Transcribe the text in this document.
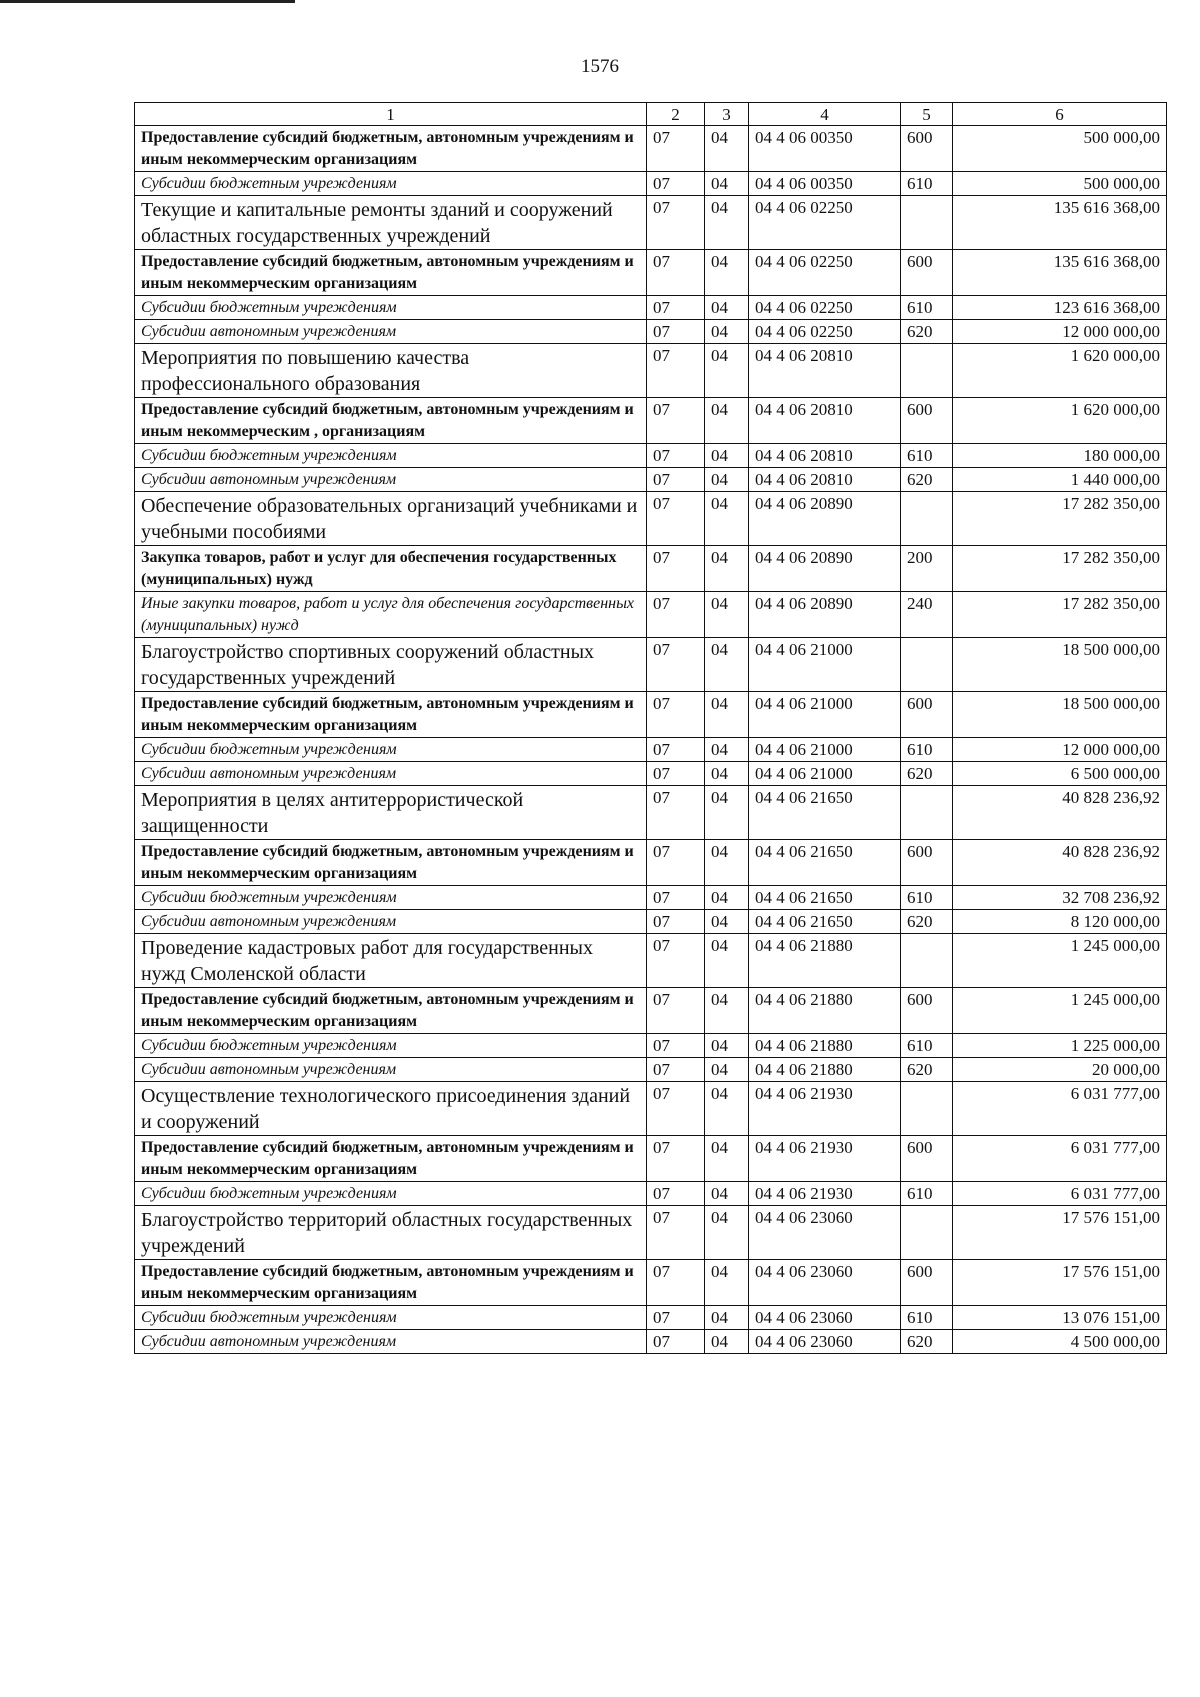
1576
1	2	3	4	5	6
Предоставление субсидий бюджетным, автономным учреждениям и иным некоммерческим организациям	07	04	04 4 06 00350	600	500 000,00
Субсидии бюджетным учреждениям	07	04	04 4 06 00350	610	500 000,00
Текущие и капитальные ремонты зданий и сооружений областных государственных учреждений	07	04	04 4 06 02250		135 616 368,00
Предоставление субсидий бюджетным, автономным учреждениям и иным некоммерческим организациям	07	04	04 4 06 02250	600	135 616 368,00
Субсидии бюджетным учреждениям	07	04	04 4 06 02250	610	123 616 368,00
Субсидии автономным учреждениям	07	04	04 4 06 02250	620	12 000 000,00
Мероприятия по повышению качества профессионального образования	07	04	04 4 06 20810		1 620 000,00
Предоставление субсидий бюджетным, автономным учреждениям и иным некоммерческим , организациям	07	04	04 4 06 20810	600	1 620 000,00
Субсидии бюджетным учреждениям	07	04	04 4 06 20810	610	180 000,00
Субсидии автономным учреждениям	07	04	04 4 06 20810	620	1 440 000,00
Обеспечение образовательных организаций учебниками и учебными пособиями	07	04	04 4 06 20890		17 282 350,00
Закупка товаров, работ и услуг для обеспечения государственных (муниципальных) нужд	07	04	04 4 06 20890	200	17 282 350,00
Иные закупки товаров, работ и услуг для обеспечения государственных (муниципальных) нужд	07	04	04 4 06 20890	240	17 282 350,00
Благоустройство спортивных сооружений областных государственных учреждений	07	04	04 4 06 21000		18 500 000,00
Предоставление субсидий бюджетным, автономным учреждениям и иным некоммерческим организациям	07	04	04 4 06 21000	600	18 500 000,00
Субсидии бюджетным учреждениям	07	04	04 4 06 21000	610	12 000 000,00
Субсидии автономным учреждениям	07	04	04 4 06 21000	620	6 500 000,00
Мероприятия в целях антитеррористической защищенности	07	04	04 4 06 21650		40 828 236,92
Предоставление субсидий бюджетным, автономным учреждениям и иным некоммерческим организациям	07	04	04 4 06 21650	600	40 828 236,92
Субсидии бюджетным учреждениям	07	04	04 4 06 21650	610	32 708 236,92
Субсидии автономным учреждениям	07	04	04 4 06 21650	620	8 120 000,00
Проведение кадастровых работ для государственных нужд Смоленской области	07	04	04 4 06 21880		1 245 000,00
Предоставление субсидий бюджетным, автономным учреждениям и иным некоммерческим организациям	07	04	04 4 06 21880	600	1 245 000,00
Субсидии бюджетным учреждениям	07	04	04 4 06 21880	610	1 225 000,00
Субсидии автономным учреждениям	07	04	04 4 06 21880	620	20 000,00
Осуществление технологического присоединения зданий и сооружений	07	04	04 4 06 21930		6 031 777,00
Предоставление субсидий бюджетным, автономным учреждениям и иным некоммерческим организациям	07	04	04 4 06 21930	600	6 031 777,00
Субсидии бюджетным учреждениям	07	04	04 4 06 21930	610	6 031 777,00
Благоустройство территорий областных государственных учреждений	07	04	04 4 06 23060		17 576 151,00
Предоставление субсидий бюджетным, автономным учреждениям и иным некоммерческим организациям	07	04	04 4 06 23060	600	17 576 151,00
Субсидии бюджетным учреждениям	07	04	04 4 06 23060	610	13 076 151,00
Субсидии автономным учреждениям	07	04	04 4 06 23060	620	4 500 000,00
